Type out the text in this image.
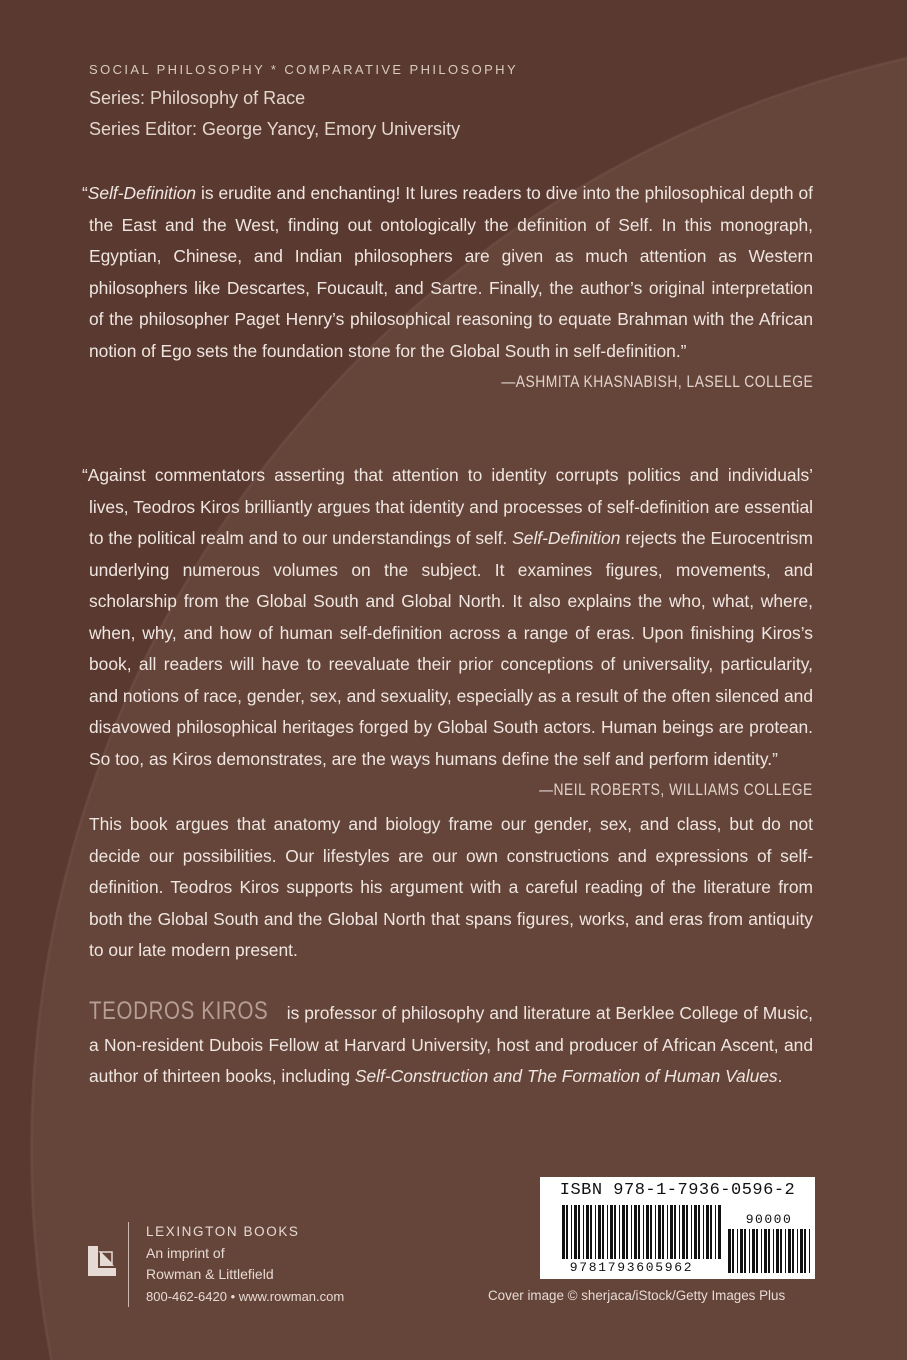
SOCIAL PHILOSOPHY * COMPARATIVE PHILOSOPHY
Series: Philosophy of Race
Series Editor: George Yancy, Emory University
“Self-Definition is erudite and enchanting! It lures readers to dive into the philosophical depth of the East and the West, finding out ontologically the definition of Self. In this monograph, Egyptian, Chinese, and Indian philosophers are given as much attention as Western philosophers like Descartes, Foucault, and Sartre. Finally, the author’s original interpretation of the philosopher Paget Henry’s philosophical reasoning to equate Brahman with the African notion of Ego sets the foundation stone for the Global South in self-definition.”
—ASHMITA KHASNABISH, LASELL COLLEGE
“Against commentators asserting that attention to identity corrupts politics and individuals’ lives, Teodros Kiros brilliantly argues that identity and processes of self-definition are essential to the political realm and to our understandings of self. Self-Definition rejects the Eurocentrism underlying numerous volumes on the subject. It examines figures, movements, and scholarship from the Global South and Global North. It also explains the who, what, where, when, why, and how of human self-definition across a range of eras. Upon finishing Kiros’s book, all readers will have to reevaluate their prior conceptions of universality, particularity, and notions of race, gender, sex, and sexuality, especially as a result of the often silenced and disavowed philosophical heritages forged by Global South actors. Human beings are protean. So too, as Kiros demonstrates, are the ways humans define the self and perform identity.”
—NEIL ROBERTS, WILLIAMS COLLEGE
This book argues that anatomy and biology frame our gender, sex, and class, but do not decide our possibilities. Our lifestyles are our own constructions and expressions of self-definition. Teodros Kiros supports his argument with a careful reading of the literature from both the Global South and the Global North that spans figures, works, and eras from antiquity to our late modern present.
TEODROS KIROS is professor of philosophy and literature at Berklee College of Music, a Non-resident Dubois Fellow at Harvard University, host and producer of African Ascent, and author of thirteen books, including Self-Construction and The Formation of Human Values.
LEXINGTON BOOKS
An imprint of
Rowman & Littlefield
800-462-6420 • www.rowman.com
ISBN 978-1-7936-0596-2
9781793605962
90000
Cover image © sherjaca/iStock/Getty Images Plus
